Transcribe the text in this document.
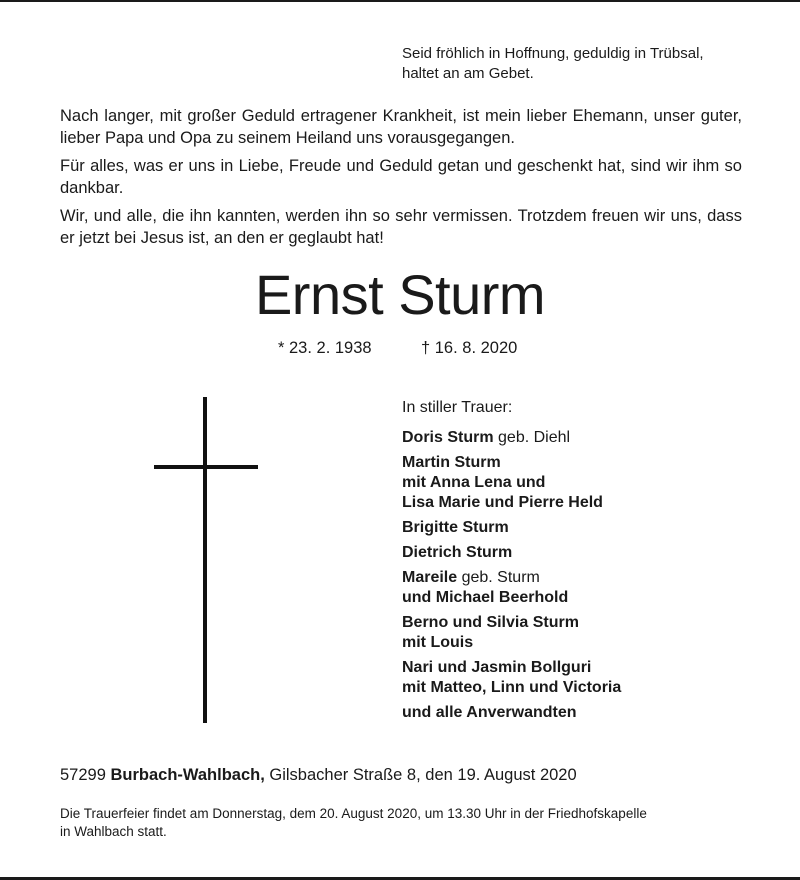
Seid fröhlich in Hoffnung, geduldig in Trübsal,
haltet an am Gebet.

Nach langer, mit großer Geduld ertragener Krankheit, ist mein lieber Ehemann, unser guter, lieber Papa und Opa zu seinem Heiland uns vorausgegangen.

Für alles, was er uns in Liebe, Freude und Geduld getan und geschenkt hat, sind wir ihm so dankbar.

Wir, und alle, die ihn kannten, werden ihn so sehr vermissen. Trotzdem freuen wir uns, dass er jetzt bei Jesus ist, an den er geglaubt hat!

Ernst Sturm
* 23. 2. 1938	† 16. 8. 2020
In stiller Trauer:
Doris Sturm geb. Diehl
Martin Sturm
mit Anna Lena und
Lisa Marie und Pierre Held
Brigitte Sturm
Dietrich Sturm
Mareile geb. Sturm
und Michael Beerhold
Berno und Silvia Sturm
mit Louis
Nari und Jasmin Bollguri
mit Matteo, Linn und Victoria
und alle Anverwandten
57299 Burbach-Wahlbach, Gilsbacher Straße 8, den 19. August 2020
Die Trauerfeier findet am Donnerstag, dem 20. August 2020, um 13.30 Uhr in der Friedhofskapelle
in Wahlbach statt.
